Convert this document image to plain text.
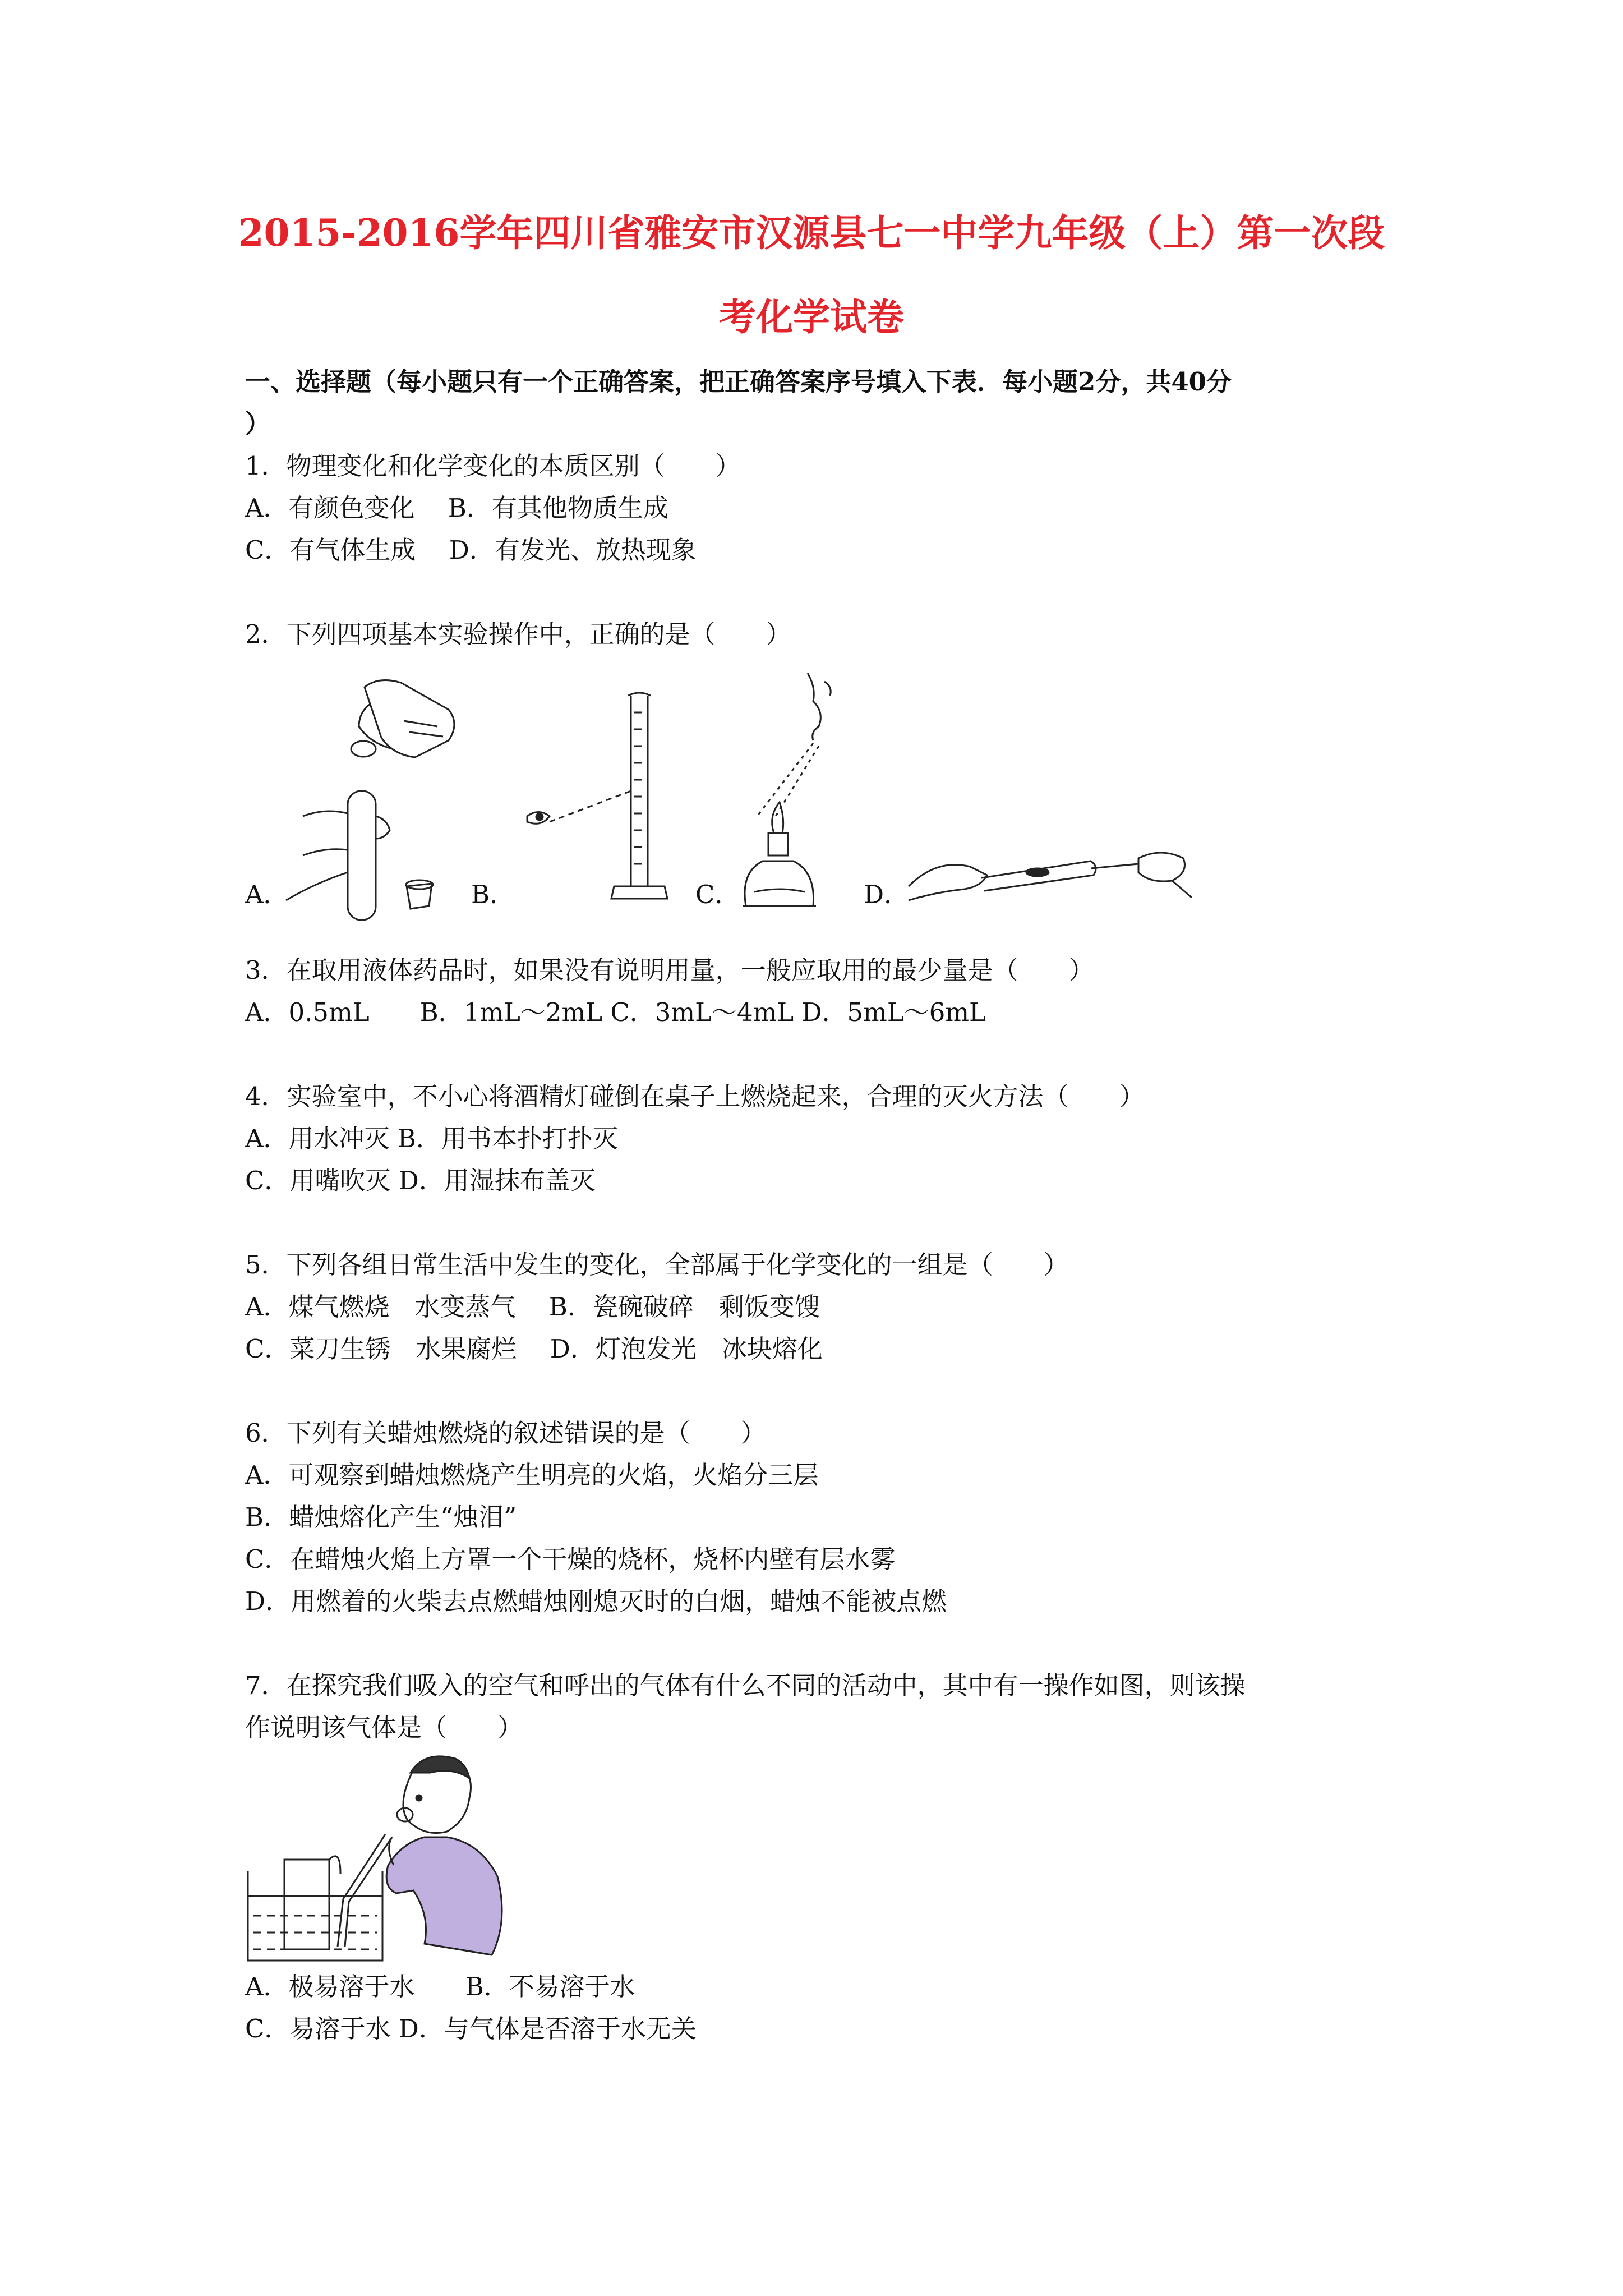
2015-2016学年四川省雅安市汉源县七一中学九年级（上）第一次段
考化学试卷
一、选择题（每小题只有一个正确答案，把正确答案序号填入下表．每小题2分，共40分
）
1．物理变化和化学变化的本质区别（　　）
A．有颜色变化　 B．有其他物质生成
C．有气体生成　 D．有发光、放热现象
2．下列四项基本实验操作中，正确的是（　　）
A．	B．	C．	D．
3．在取用液体药品时，如果没有说明用量，一般应取用的最少量是（　　）
A．0.5mL　　B．1mL～2mL C．3mL～4mL D．5mL～6mL
4．实验室中，不小心将酒精灯碰倒在桌子上燃烧起来，合理的灭火方法（　　）
A．用水冲灭 B．用书本扑打扑灭
C．用嘴吹灭 D．用湿抹布盖灭
5．下列各组日常生活中发生的变化，全部属于化学变化的一组是（　　）
A．煤气燃烧　水变蒸气　 B．瓷碗破碎　剩饭变馊
C．菜刀生锈　水果腐烂　 D．灯泡发光　冰块熔化
6．下列有关蜡烛燃烧的叙述错误的是（　　）
A．可观察到蜡烛燃烧产生明亮的火焰，火焰分三层
B．蜡烛熔化产生“烛泪”
C．在蜡烛火焰上方罩一个干燥的烧杯，烧杯内壁有层水雾
D．用燃着的火柴去点燃蜡烛刚熄灭时的白烟，蜡烛不能被点燃
7．在探究我们吸入的空气和呼出的气体有什么不同的活动中，其中有一操作如图，则该操
作说明该气体是（　　）
A．极易溶于水　　B．不易溶于水
C．易溶于水 D．与气体是否溶于水无关
